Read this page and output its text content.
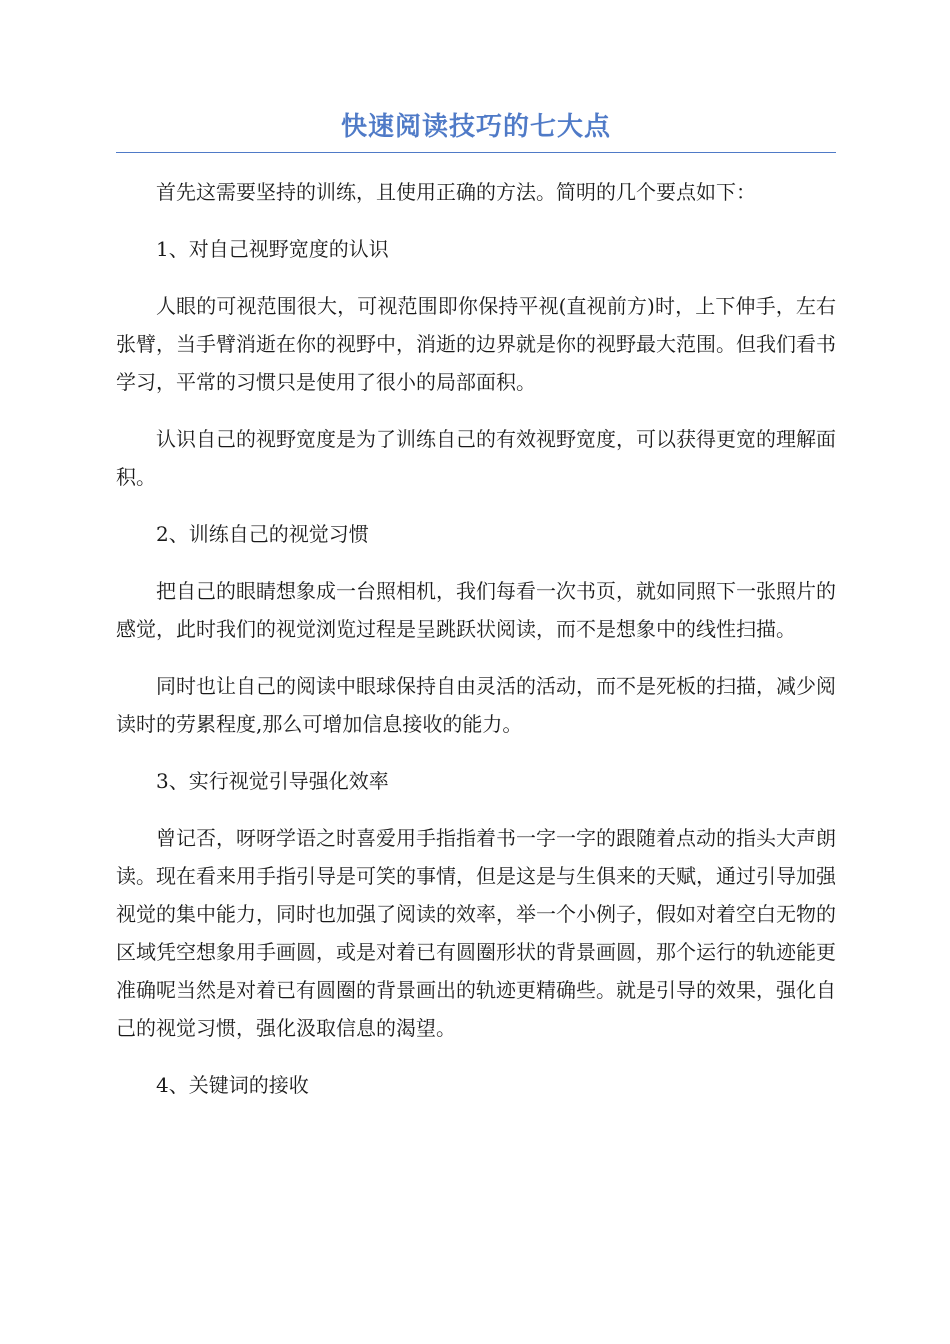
快速阅读技巧的七大点

首先这需要坚持的训练，且使用正确的方法。简明的几个要点如下：

1、对自己视野宽度的认识

人眼的可视范围很大，可视范围即你保持平视(直视前方)时，上下伸手，左右张臂，当手臂消逝在你的视野中，消逝的边界就是你的视野最大范围。但我们看书学习，平常的习惯只是使用了很小的局部面积。

认识自己的视野宽度是为了训练自己的有效视野宽度，可以获得更宽的理解面积。

2、训练自己的视觉习惯

把自己的眼睛想象成一台照相机，我们每看一次书页，就如同照下一张照片的感觉，此时我们的视觉浏览过程是呈跳跃状阅读，而不是想象中的线性扫描。

同时也让自己的阅读中眼球保持自由灵活的活动，而不是死板的扫描，减少阅读时的劳累程度,那么可增加信息接收的能力。

3、实行视觉引导强化效率

曾记否，呀呀学语之时喜爱用手指指着书一字一字的跟随着点动的指头大声朗读。现在看来用手指引导是可笑的事情，但是这是与生俱来的天赋，通过引导加强视觉的集中能力，同时也加强了阅读的效率，举一个小例子，假如对着空白无物的区域凭空想象用手画圆，或是对着已有圆圈形状的背景画圆，那个运行的轨迹能更准确呢当然是对着已有圆圈的背景画出的轨迹更精确些。就是引导的效果，强化自己的视觉习惯，强化汲取信息的渴望。

4、关键词的接收
